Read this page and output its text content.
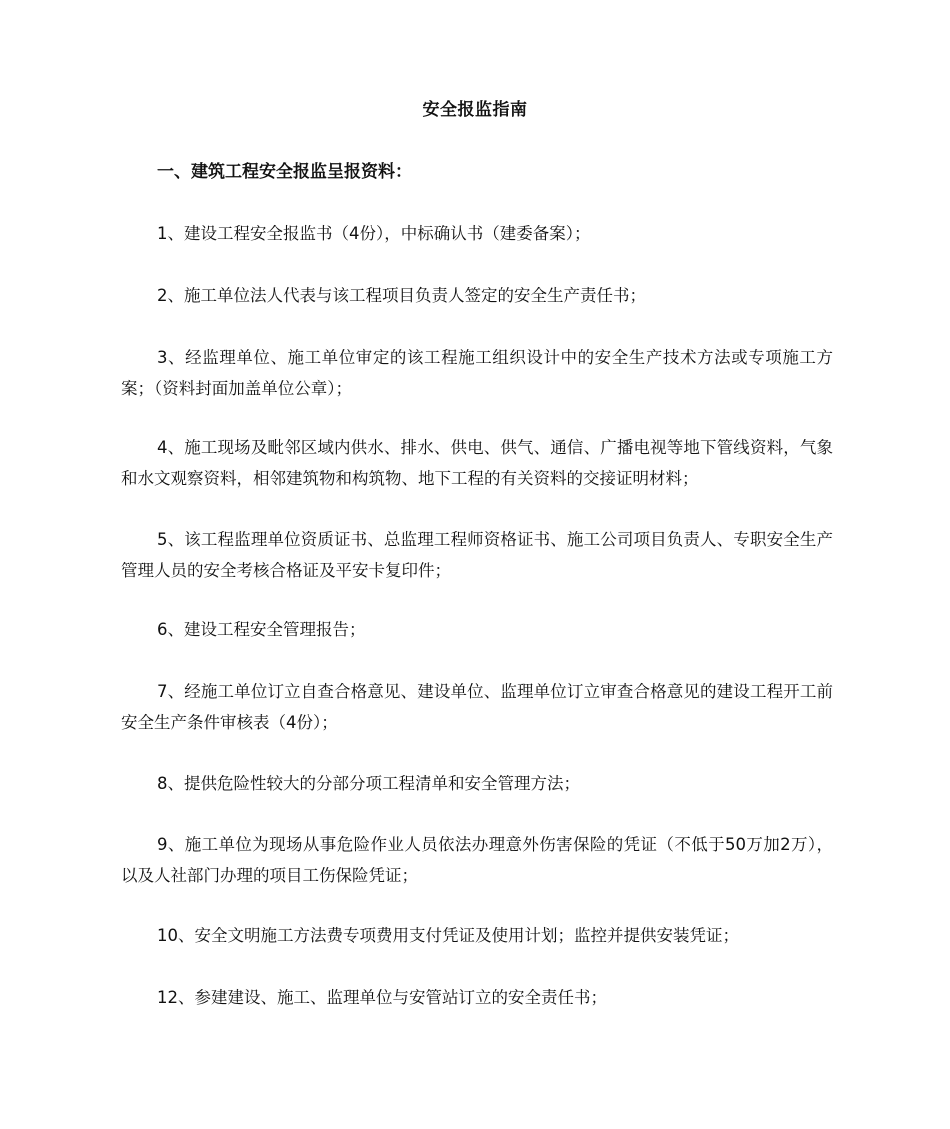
安全报监指南
一、建筑工程安全报监呈报资料：

1、建设工程安全报监书（4份），中标确认书（建委备案）；

2、施工单位法人代表与该工程项目负责人签定的安全生产责任书；

3、经监理单位、施工单位审定的该工程施工组织设计中的安全生产技术方法或专项施工方案；（资料封面加盖单位公章）；

4、施工现场及毗邻区域内供水、排水、供电、供气、通信、广播电视等地下管线资料，气象和水文观察资料，相邻建筑物和构筑物、地下工程的有关资料的交接证明材料；

5、该工程监理单位资质证书、总监理工程师资格证书、施工公司项目负责人、专职安全生产管理人员的安全考核合格证及平安卡复印件；

6、建设工程安全管理报告；

7、经施工单位订立自查合格意见、建设单位、监理单位订立审查合格意见的建设工程开工前安全生产条件审核表（4份）；

8、提供危险性较大的分部分项工程清单和安全管理方法；

9、施工单位为现场从事危险作业人员依法办理意外伤害保险的凭证（不低于50万加2万），以及人社部门办理的项目工伤保险凭证；

10、安全文明施工方法费专项费用支付凭证及使用计划；监控并提供安装凭证；

12、参建建设、施工、监理单位与安管站订立的安全责任书；
